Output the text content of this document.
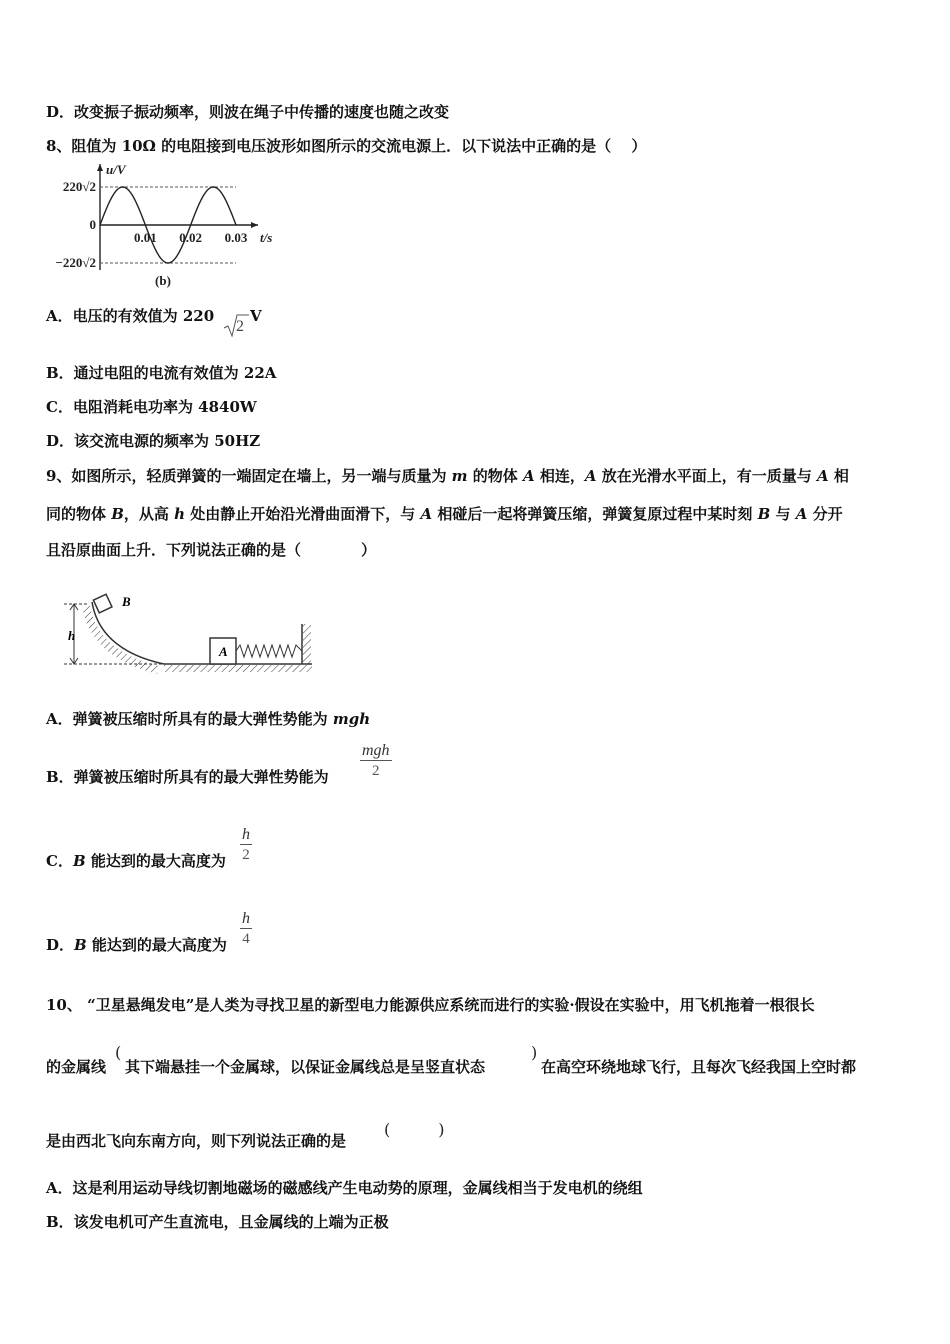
D．改变振子振动频率，则波在绳子中传播的速度也随之改变
8、阻值为 10Ω 的电阻接到电压波形如图所示的交流电源上．以下说法中正确的是（　 ）
220√2
0
−220√2
0.01 0.02 0.03
u/V
t/s
(b)
A．电压的有效值为 220
2
V
B．通过电阻的电流有效值为 22A
C．电阻消耗电功率为 4840W
D．该交流电源的频率为 50HZ
9、如图所示，轻质弹簧的一端固定在墙上，另一端与质量为 m 的物体 A 相连，A 放在光滑水平面上，有一质量与 A 相
同的物体 B，从高 h 处由静止开始沿光滑曲面滑下，与 A 相碰后一起将弹簧压缩，弹簧复原过程中某时刻 B 与 A 分开
且沿原曲面上升．下列说法正确的是（　　　　）
h
B
A
A．弹簧被压缩时所具有的最大弹性势能为 mgh
B．弹簧被压缩时所具有的最大弹性势能为
mgh
2
C．B 能达到的最大高度为 $\frac{h}{2}$
D．B 能达到的最大高度为 $\frac{h}{4}$
10、 “卫星悬绳发电”是人类为寻找卫星的新型电力能源供应系统而进行的实验·假设在实验中，用飞机拖着一根很长
的金属线
(
其下端悬挂一个金属球，以保证金属线总是呈竖直状态
)
在高空环绕地球飞行，且每次飞经我国上空时都
是由西北飞向东南方向，则下列说法正确的是
(　　　)
A．这是利用运动导线切割地磁场的磁感线产生电动势的原理，金属线相当于发电机的绕组
B．该发电机可产生直流电，且金属线的上端为正极
